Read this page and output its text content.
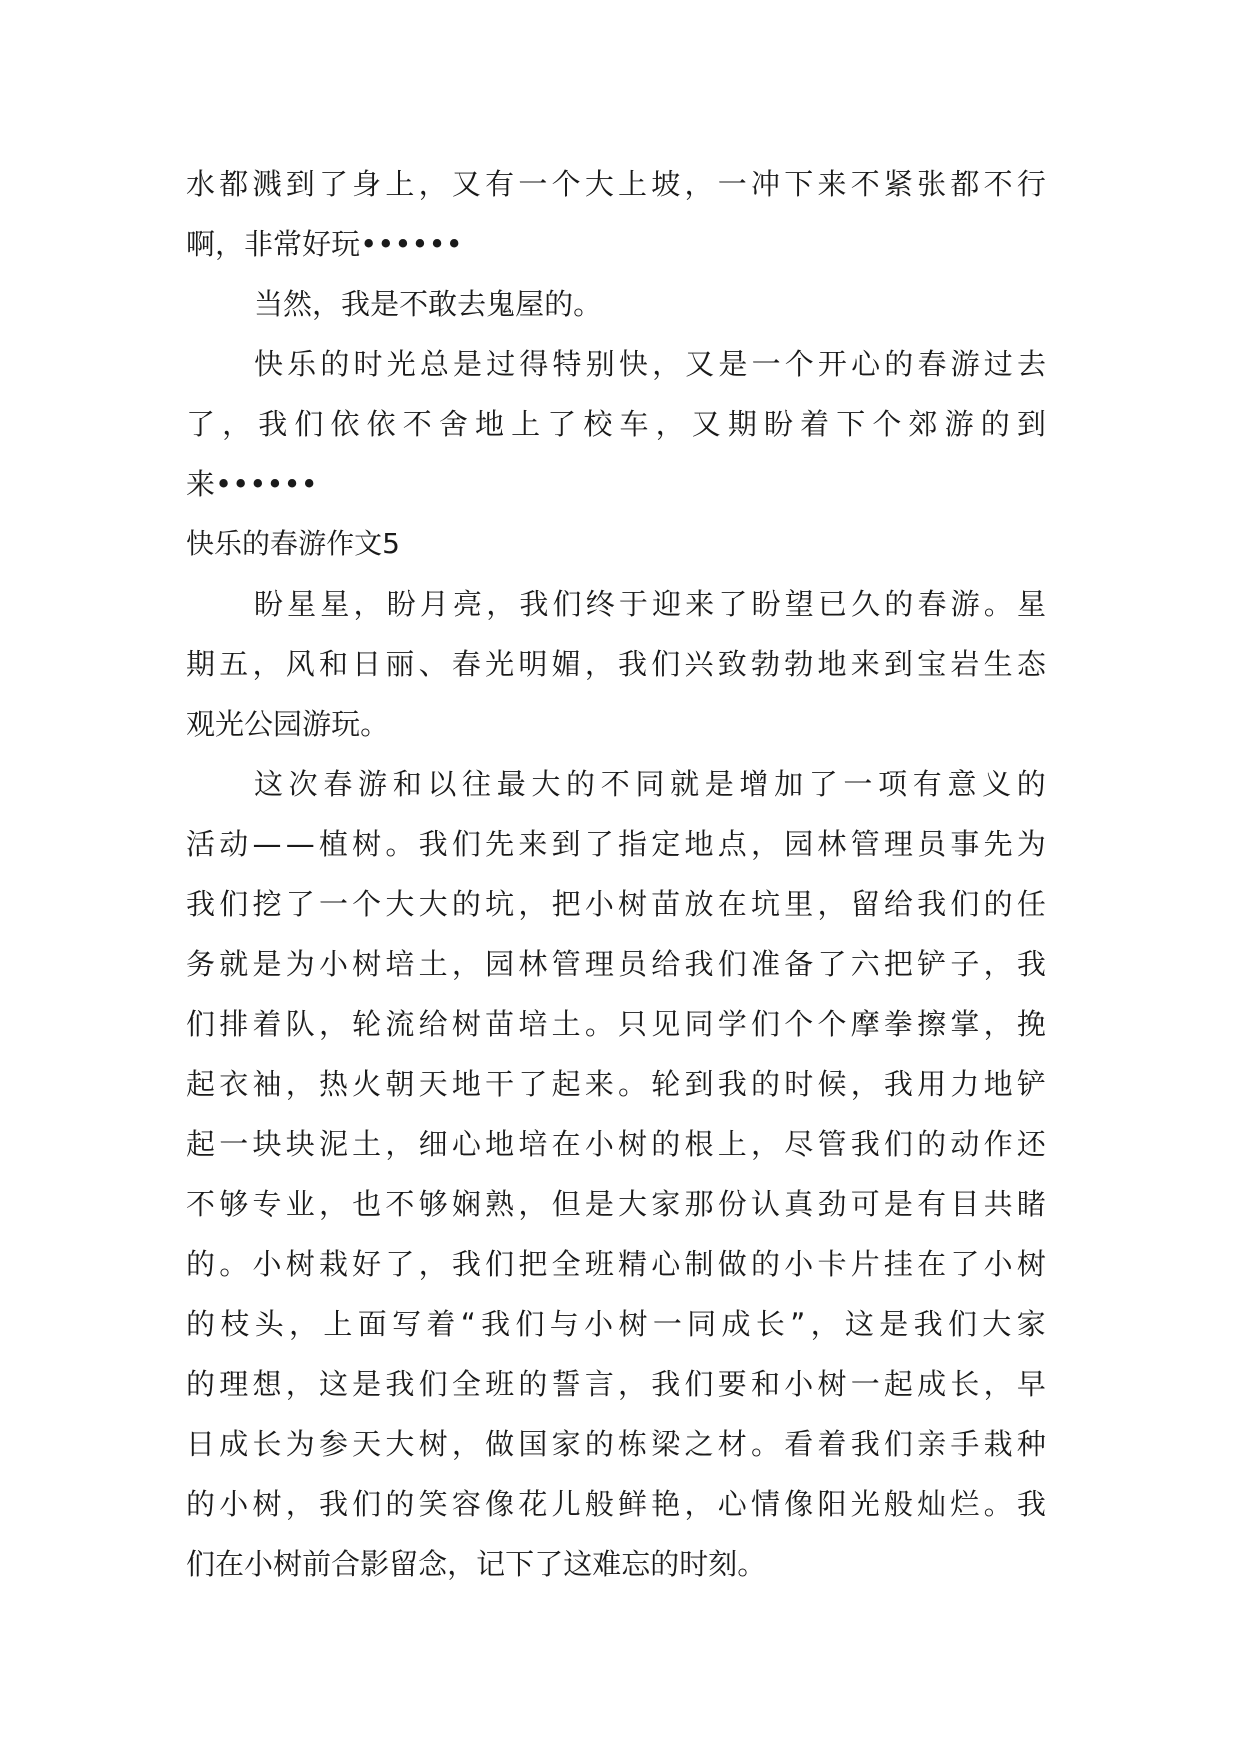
水 都 溅 到 了 身 上 ， 又 有 一 个 大 上 坡 ， 一 冲 下 来 不 紧 张 都 不 行
啊 ， 非 常 好 玩 • • • • • •
当 然 ， 我 是 不 敢 去 鬼 屋 的 。
快 乐 的 时 光 总 是 过 得 特 别 快 ， 又 是 一 个 开 心 的 春 游 过 去
了 ， 我 们 依 依 不 舍 地 上 了 校 车 ， 又 期 盼 着 下 个 郊 游 的 到
来 • • • • • •
快 乐 的 春 游 作 文 5
盼 星 星 ， 盼 月 亮 ， 我 们 终 于 迎 来 了 盼 望 已 久 的 春 游 。 星
期 五 ， 风 和 日 丽 、 春 光 明 媚 ， 我 们 兴 致 勃 勃 地 来 到 宝 岩 生 态
观 光 公 园 游 玩 。
这 次 春 游 和 以 往 最 大 的 不 同 就 是 增 加 了 一 项 有 意 义 的
活 动 — — 植 树 。 我 们 先 来 到 了 指 定 地 点 ， 园 林 管 理 员 事 先 为
我 们 挖 了 一 个 大 大 的 坑 ， 把 小 树 苗 放 在 坑 里 ， 留 给 我 们 的 任
务 就 是 为 小 树 培 土 ， 园 林 管 理 员 给 我 们 准 备 了 六 把 铲 子 ， 我
们 排 着 队 ， 轮 流 给 树 苗 培 土 。 只 见 同 学 们 个 个 摩 拳 擦 掌 ， 挽
起 衣 袖 ， 热 火 朝 天 地 干 了 起 来 。 轮 到 我 的 时 候 ， 我 用 力 地 铲
起 一 块 块 泥 土 ， 细 心 地 培 在 小 树 的 根 上 ， 尽 管 我 们 的 动 作 还
不 够 专 业 ， 也 不 够 娴 熟 ， 但 是 大 家 那 份 认 真 劲 可 是 有 目 共 睹
的 。 小 树 栽 好 了 ， 我 们 把 全 班 精 心 制 做 的 小 卡 片 挂 在 了 小 树
的 枝 头 ， 上 面 写 着 “ 我 们 与 小 树 一 同 成 长 ” ， 这 是 我 们 大 家
的 理 想 ， 这 是 我 们 全 班 的 誓 言 ， 我 们 要 和 小 树 一 起 成 长 ， 早
日 成 长 为 参 天 大 树 ， 做 国 家 的 栋 梁 之 材 。 看 着 我 们 亲 手 栽 种
的 小 树 ， 我 们 的 笑 容 像 花 儿 般 鲜 艳 ， 心 情 像 阳 光 般 灿 烂 。 我
们 在 小 树 前 合 影 留 念 ， 记 下 了 这 难 忘 的 时 刻 。
